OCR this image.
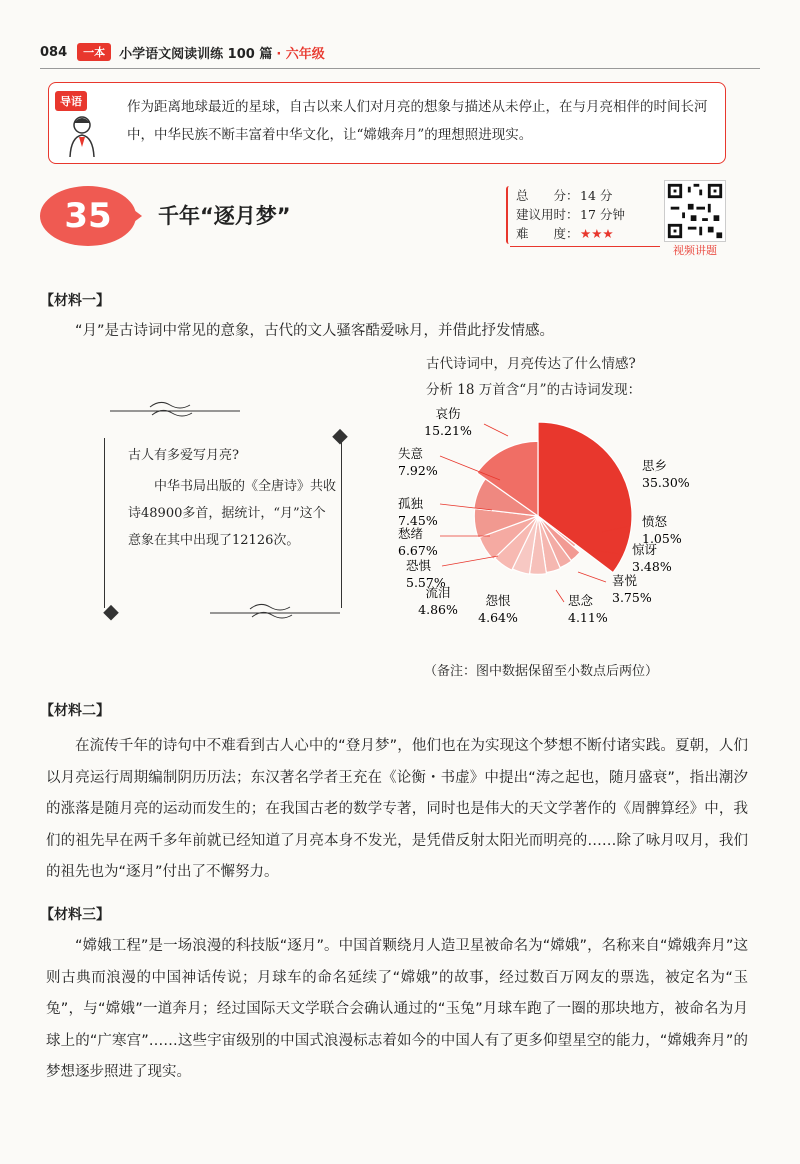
084	一本	小学语文阅读训练 100 篇 · 六年级
导语	作为距离地球最近的星球，自古以来人们对月亮的想象与描述从未停止，在与月亮相伴的时间长河中，中华民族不断丰富着中华文化，让“嫦娥奔月”的理想照进现实。
35	千年“逐月梦”
总　　分： 14 分
建议用时： 17 分钟
难　　度： ★★★
视频讲题
【材料一】
“月”是古诗词中常见的意象，古代的文人骚客酷爱咏月，并借此抒发情感。
古代诗词中，月亮传达了什么情感?
分析 18 万首含“月”的古诗词发现：
古人有多爱写月亮?
中华书局出版的《全唐诗》共收诗48900多首，据统计，“月”这个意象在其中出现了12126次。
思乡
35.30%
愤怒
1.05%
惊讶
3.48%
喜悦
3.75%
思念
4.11%
怨恨
4.64%
流泪
4.86%
恐惧
5.57%
愁绪
6.67%
孤独
7.45%
失意
7.92%
哀伤
15.21%
（备注：图中数据保留至小数点后两位）
【材料二】
在流传千年的诗句中不难看到古人心中的“登月梦”，他们也在为实现这个梦想不断付诸实践。夏朝，人们以月亮运行周期编制阴历历法；东汉著名学者王充在《论衡・书虚》中提出“涛之起也，随月盛衰”，指出潮汐的涨落是随月亮的运动而发生的；在我国古老的数学专著，同时也是伟大的天文学著作的《周髀算经》中，我们的祖先早在两千多年前就已经知道了月亮本身不发光，是凭借反射太阳光而明亮的……除了咏月叹月，我们的祖先也为“逐月”付出了不懈努力。
【材料三】
“嫦娥工程”是一场浪漫的科技版“逐月”。中国首颗绕月人造卫星被命名为“嫦娥”，名称来自“嫦娥奔月”这则古典而浪漫的中国神话传说；月球车的命名延续了“嫦娥”的故事，经过数百万网友的票选，被定名为“玉兔”，与“嫦娥”一道奔月；经过国际天文学联合会确认通过的“玉兔”月球车跑了一圈的那块地方，被命名为月球上的“广寒宫”……这些宇宙级别的中国式浪漫标志着如今的中国人有了更多仰望星空的能力，“嫦娥奔月”的梦想逐步照进了现实。
